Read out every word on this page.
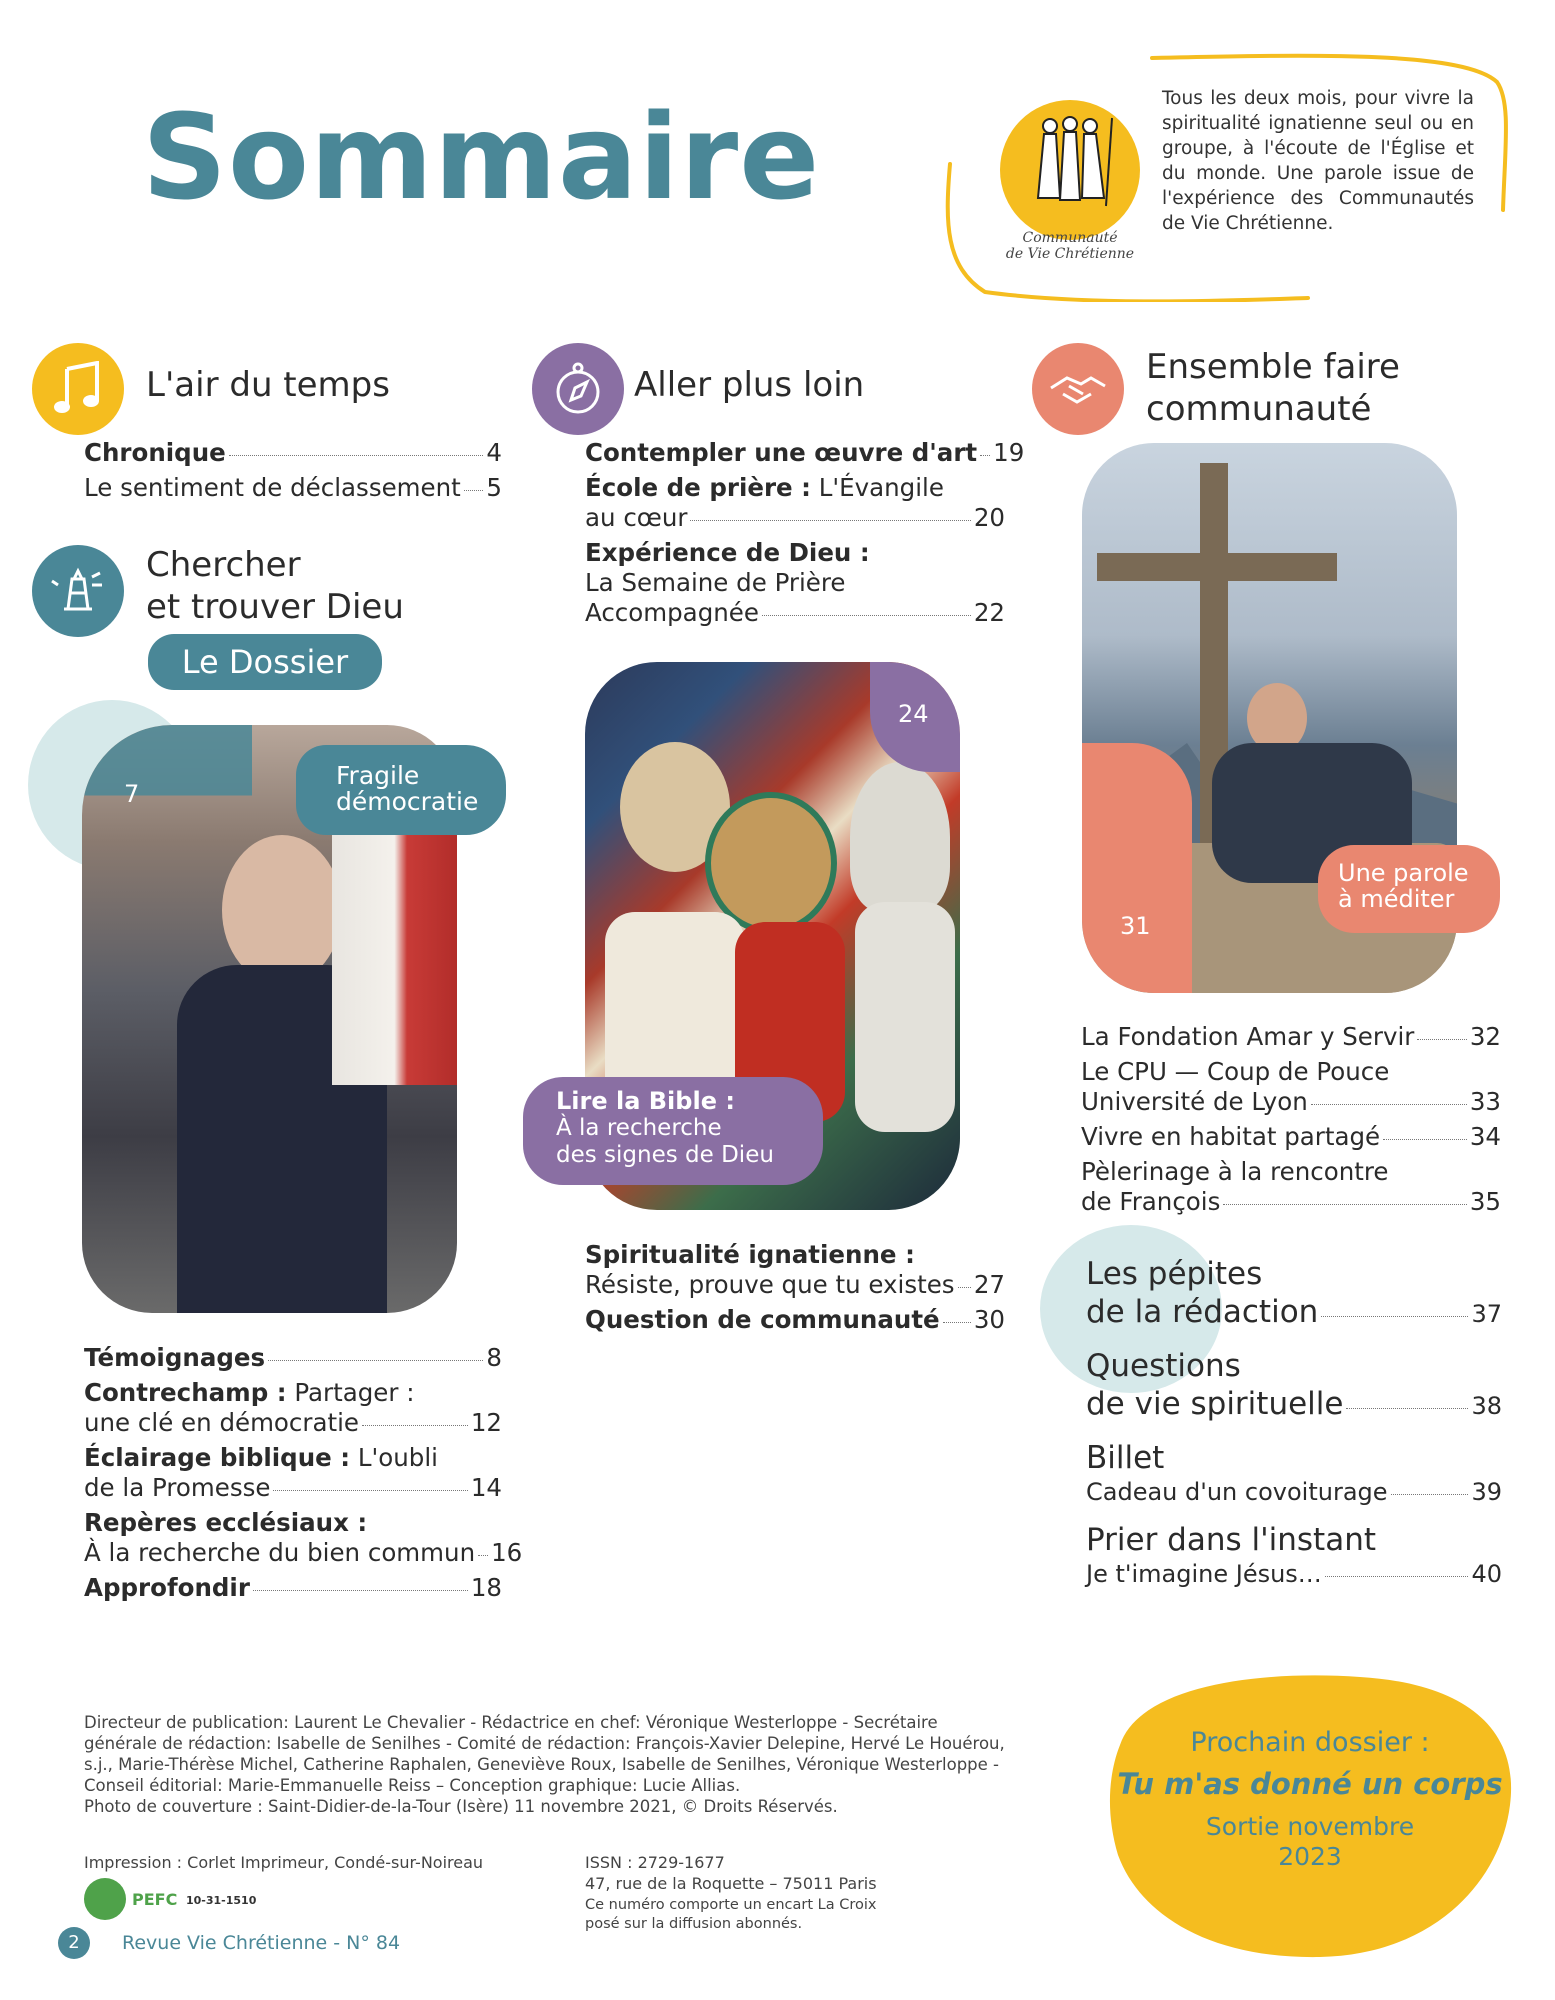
Sommaire
Communauté
de Vie Chrétienne
Tous les deux mois, pour vivre la spiritualité ignatienne seul ou en groupe, à l'écoute de l'Église et du monde. Une parole issue de l'expérience des Communautés de Vie Chrétienne.
L'air du temps
Chronique	4
Le sentiment de déclassement 5
Chercher
et trouver Dieu
Le Dossier
7
Fragile démocratie
Témoignages	8
Contrechamp : Partager :
une clé en démocratie	12
Éclairage biblique : L'oubli
de la Promesse	14
Repères ecclésiaux :
À la recherche du bien commun 16
Approfondir	18
Aller plus loin
Contempler une œuvre d'art 19
École de prière : L'Évangile
au cœur	20
Expérience de Dieu :
La Semaine de Prière
Accompagnée	22
24
Lire la Bible :
À la recherche
des signes de Dieu
Spiritualité ignatienne :
Résiste, prouve que tu existes 27
Question de communauté 30
Ensemble faire
communauté
31
Une parole
à méditer
La Fondation Amar y Servir 32
Le CPU — Coup de Pouce
Université de Lyon	33
Vivre en habitat partagé	34
Pèlerinage à la rencontre
de François	35
Les pépites
de la rédaction	37
Questions
de vie spirituelle	38
Billet
Cadeau d'un covoiturage	39
Prier dans l'instant
Je t'imagine Jésus…	40
Directeur de publication: Laurent Le Chevalier - Rédactrice en chef: Véronique Westerloppe - Secrétaire
générale de rédaction: Isabelle de Senilhes - Comité de rédaction: François-Xavier Delepine, Hervé Le Houérou,
s.j., Marie-Thérèse Michel, Catherine Raphalen, Geneviève Roux, Isabelle de Senilhes, Véronique Westerloppe -
Conseil éditorial: Marie-Emmanuelle Reiss – Conception graphique: Lucie Allias.
Photo de couverture : Saint-Didier-de-la-Tour (Isère) 11 novembre 2021, © Droits Réservés.
Impression : Corlet Imprimeur, Condé-sur-Noireau
PEFC 10-31-1510
2	Revue Vie Chrétienne - N° 84
ISSN : 2729-1677
47, rue de la Roquette – 75011 Paris
Ce numéro comporte un encart La Croix
posé sur la diffusion abonnés.
Prochain dossier :
Tu m'as donné un corps
Sortie novembre
2023
